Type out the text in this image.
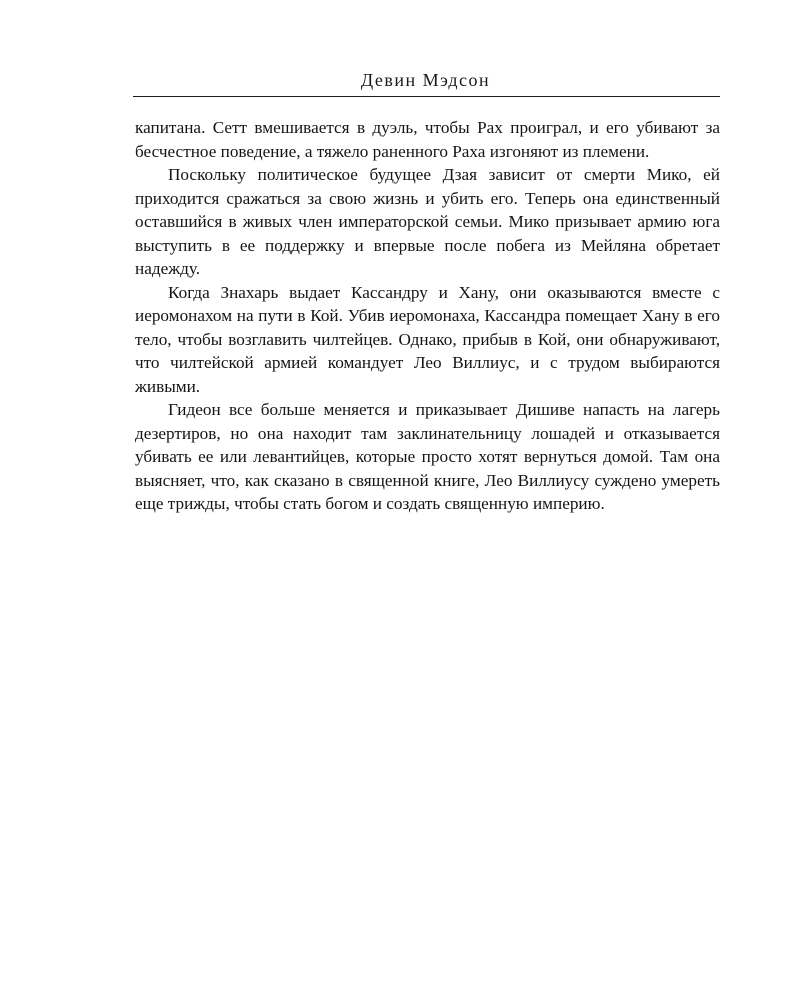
Девин Мэдсон

капитана. Сетт вмешивается в дуэль, чтобы Рах проиграл, и его убивают за бесчестное поведение, а тяжело раненного Раха изгоняют из племени.

Поскольку политическое будущее Дзая зависит от смерти Мико, ей приходится сражаться за свою жизнь и убить его. Теперь она единственный оставшийся в живых член императорской семьи. Мико призывает армию юга выступить в ее поддержку и впервые после побега из Мейляна обретает надежду.

Когда Знахарь выдает Кассандру и Хану, они оказываются вместе с иеромонахом на пути в Кой. Убив иеромонаха, Кассандра помещает Хану в его тело, чтобы возглавить чилтейцев. Однако, прибыв в Кой, они обнаруживают, что чилтейской армией командует Лео Виллиус, и с трудом выбираются живыми.

Гидеон все больше меняется и приказывает Дишиве напасть на лагерь дезертиров, но она находит там заклинательницу лошадей и отказывается убивать ее или левантийцев, которые просто хотят вернуться домой. Там она выясняет, что, как сказано в священной книге, Лео Виллиусу суждено умереть еще трижды, чтобы стать богом и создать священную империю.
